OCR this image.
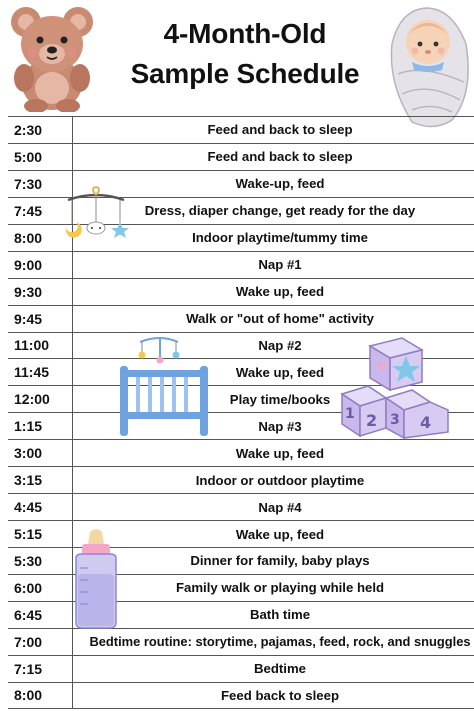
4-Month-Old
Sample Schedule
2:30	Feed and back to sleep
5:00	Feed and back to sleep
7:30	Wake-up, feed
7:45	Dress, diaper change, get ready for the day
8:00	Indoor playtime/tummy time
9:00	Nap #1
9:30	Wake up, feed
9:45	Walk or "out of home" activity
11:00	Nap #2
11:45	Wake up, feed
12:00	Play time/books
1:15	Nap #3
3:00	Wake up, feed
3:15	Indoor or outdoor playtime
4:45	Nap #4
5:15	Wake up, feed
5:30	Dinner for family, baby plays
6:00	Family walk or playing while held
6:45	Bath time
7:00	Bedtime routine: storytime, pajamas, feed, rock, and snuggles
7:15	Bedtime
8:00	Feed back to sleep
1 2 3 4
